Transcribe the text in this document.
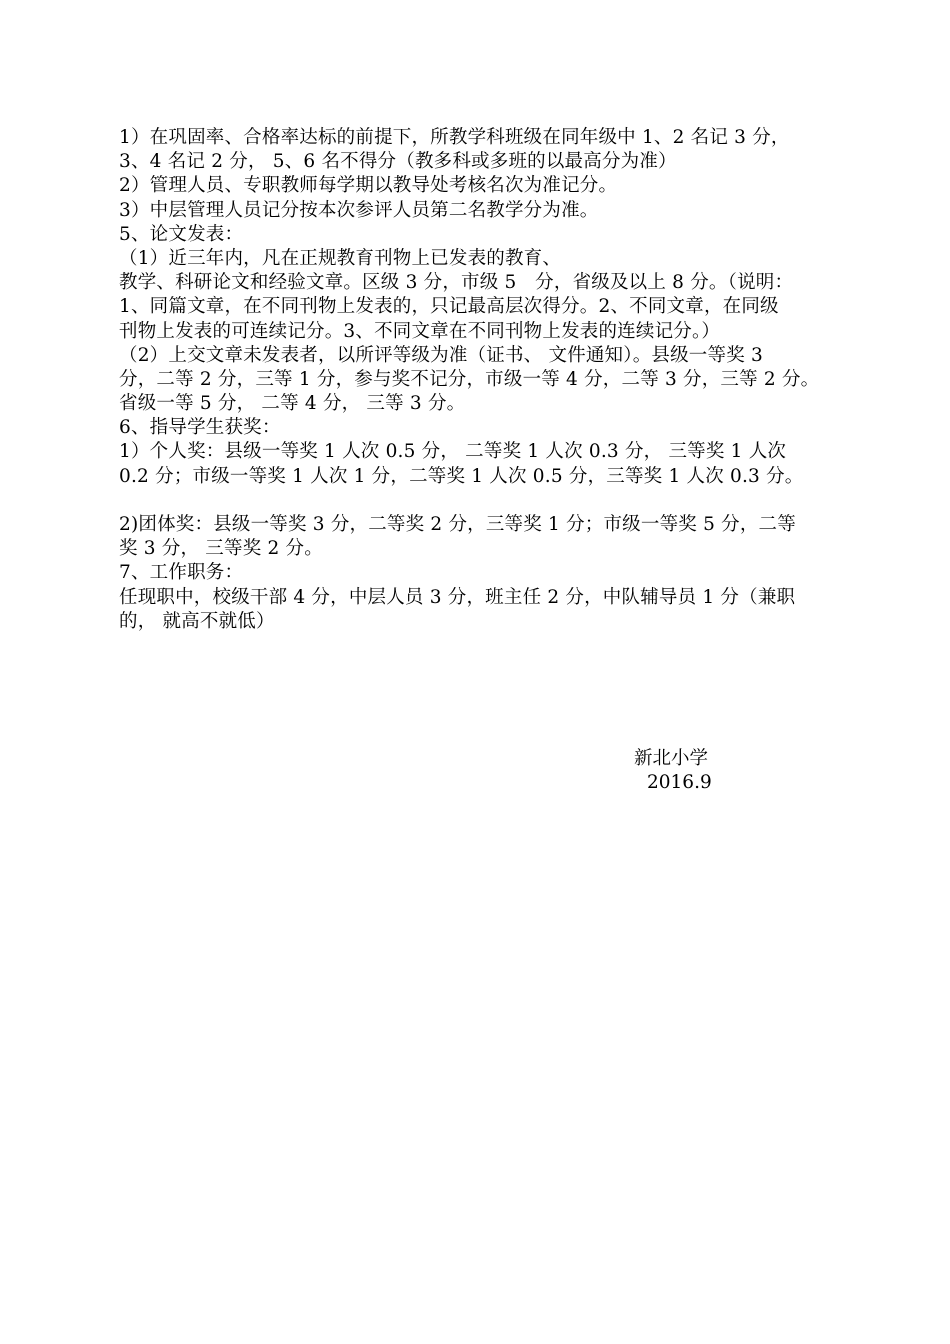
1）在巩固率、合格率达标的前提下，所教学科班级在同年级中 1、2 名记 3 分，
3、4 名记 2 分， 5、6 名不得分（教多科或多班的以最高分为准）
2）管理人员、专职教师每学期以教导处考核名次为准记分。
3）中层管理人员记分按本次参评人员第二名教学分为准。
5、论文发表：
（1）近三年内，凡在正规教育刊物上已发表的教育、
教学、科研论文和经验文章。区级 3 分，市级 5　分，省级及以上 8 分。（说明：
1、同篇文章，在不同刊物上发表的，只记最高层次得分。2、不同文章，在同级
刊物上发表的可连续记分。3、不同文章在不同刊物上发表的连续记分。）
（2）上交文章未发表者，以所评等级为准（证书、 文件通知）。县级一等奖 3
分，二等 2 分，三等 1 分，参与奖不记分，市级一等 4 分，二等 3 分，三等 2 分。
省级一等 5 分， 二等 4 分， 三等 3 分。
6、指导学生获奖：
1）个人奖：县级一等奖 1 人次 0.5 分， 二等奖 1 人次 0.3 分， 三等奖 1 人次
0.2 分；市级一等奖 1 人次 1 分，二等奖 1 人次 0.5 分，三等奖 1 人次 0.3 分。
2)团体奖：县级一等奖 3 分，二等奖 2 分，三等奖 1 分；市级一等奖 5 分，二等
奖 3 分， 三等奖 2 分。
7、工作职务：
任现职中，校级干部 4 分，中层人员 3 分，班主任 2 分，中队辅导员 1 分（兼职
的， 就高不就低）
新北小学
2016.9
